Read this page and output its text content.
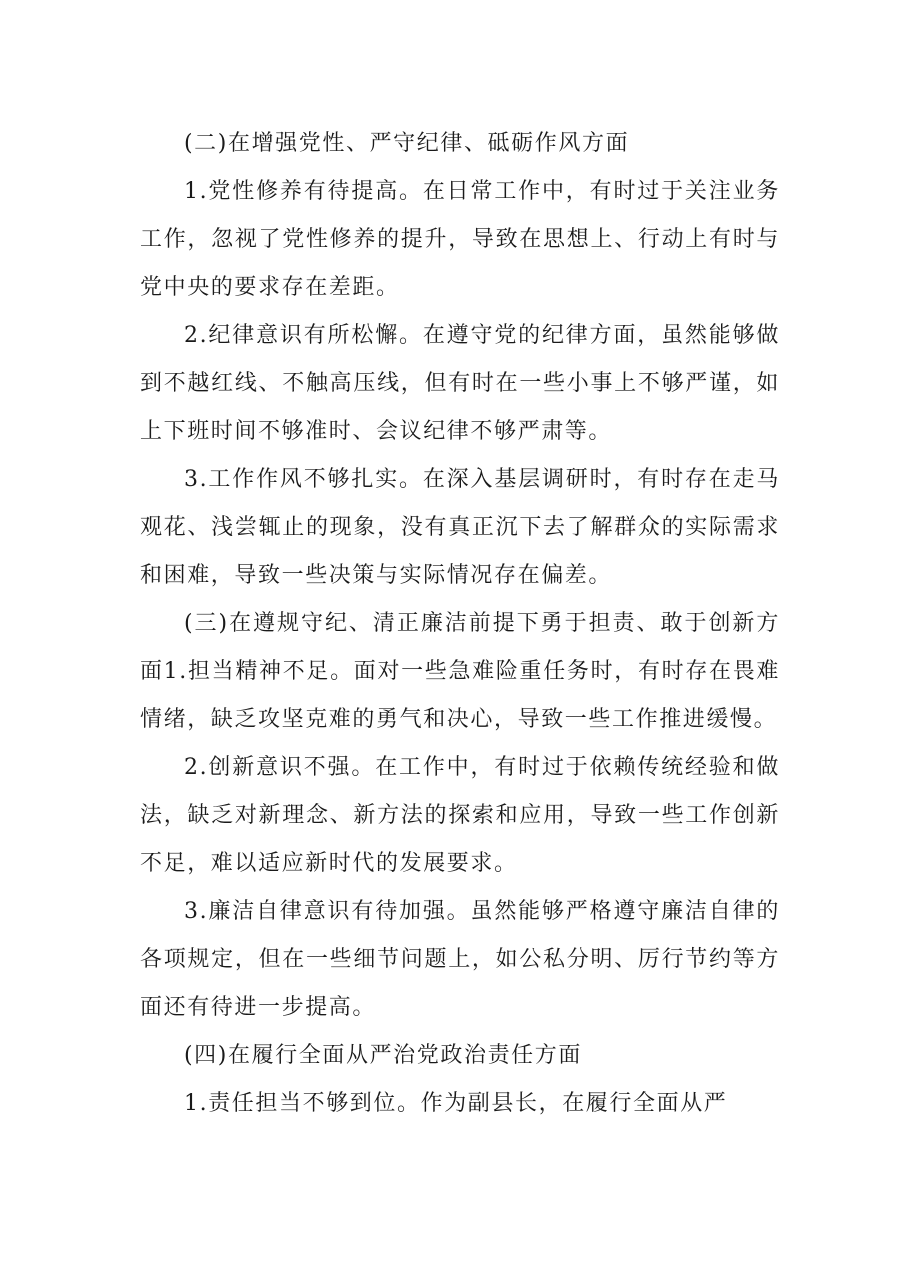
(二)在增强党性、严守纪律、砥砺作风方面

1.党性修养有待提高。在日常工作中，有时过于关注业务工作，忽视了党性修养的提升，导致在思想上、行动上有时与党中央的要求存在差距。

2.纪律意识有所松懈。在遵守党的纪律方面，虽然能够做到不越红线、不触高压线，但有时在一些小事上不够严谨，如上下班时间不够准时、会议纪律不够严肃等。

3.工作作风不够扎实。在深入基层调研时，有时存在走马观花、浅尝辄止的现象，没有真正沉下去了解群众的实际需求和困难，导致一些决策与实际情况存在偏差。

(三)在遵规守纪、清正廉洁前提下勇于担责、敢于创新方面1.担当精神不足。面对一些急难险重任务时，有时存在畏难情绪，缺乏攻坚克难的勇气和决心，导致一些工作推进缓慢。

2.创新意识不强。在工作中，有时过于依赖传统经验和做法，缺乏对新理念、新方法的探索和应用，导致一些工作创新不足，难以适应新时代的发展要求。

3.廉洁自律意识有待加强。虽然能够严格遵守廉洁自律的各项规定，但在一些细节问题上，如公私分明、厉行节约等方面还有待进一步提高。

(四)在履行全面从严治党政治责任方面

1.责任担当不够到位。作为副县长，在履行全面从严
